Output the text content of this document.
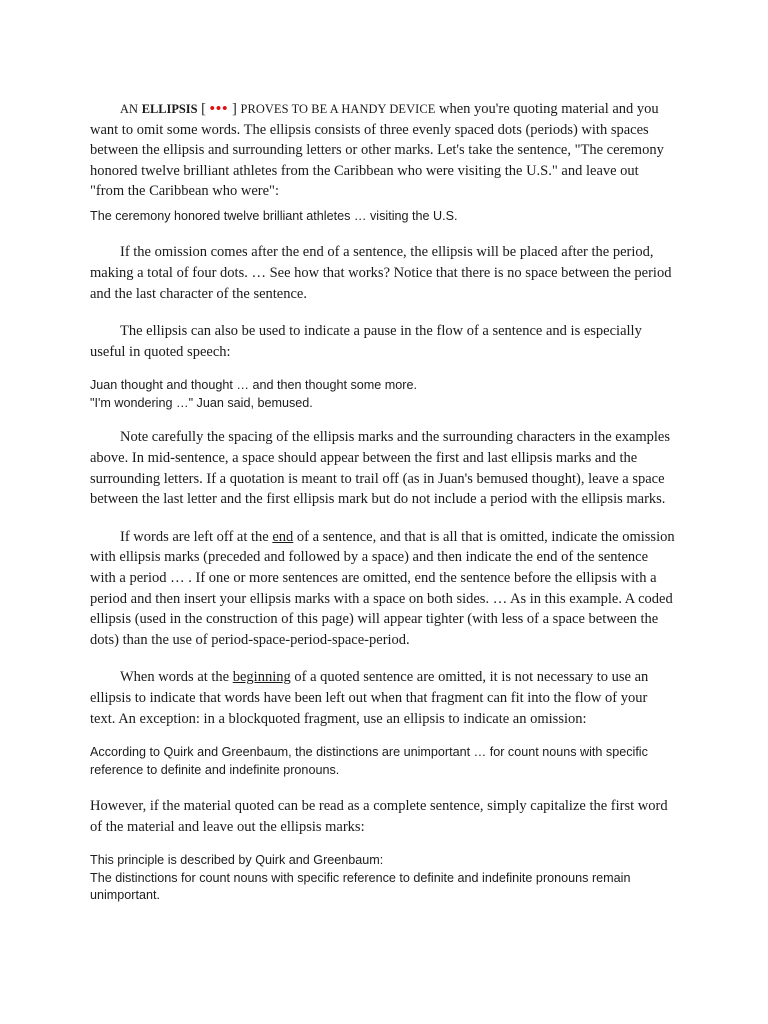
AN ELLIPSIS [ ••• ] PROVES TO BE A HANDY DEVICE when you're quoting material and you want to omit some words. The ellipsis consists of three evenly spaced dots (periods) with spaces between the ellipsis and surrounding letters or other marks. Let's take the sentence, "The ceremony honored twelve brilliant athletes from the Caribbean who were visiting the U.S." and leave out "from the Caribbean who were":

The ceremony honored twelve brilliant athletes … visiting the U.S.

If the omission comes after the end of a sentence, the ellipsis will be placed after the period, making a total of four dots. … See how that works? Notice that there is no space between the period and the last character of the sentence.

The ellipsis can also be used to indicate a pause in the flow of a sentence and is especially useful in quoted speech:

Juan thought and thought … and then thought some more.

"I'm wondering …" Juan said, bemused.

Note carefully the spacing of the ellipsis marks and the surrounding characters in the examples above. In mid-sentence, a space should appear between the first and last ellipsis marks and the surrounding letters. If a quotation is meant to trail off (as in Juan's bemused thought), leave a space between the last letter and the first ellipsis mark but do not include a period with the ellipsis marks.

If words are left off at the end of a sentence, and that is all that is omitted, indicate the omission with ellipsis marks (preceded and followed by a space) and then indicate the end of the sentence with a period … . If one or more sentences are omitted, end the sentence before the ellipsis with a period and then insert your ellipsis marks with a space on both sides. … As in this example. A coded ellipsis (used in the construction of this page) will appear tighter (with less of a space between the dots) than the use of period-space-period-space-period.

When words at the beginning of a quoted sentence are omitted, it is not necessary to use an ellipsis to indicate that words have been left out when that fragment can fit into the flow of your text. An exception: in a blockquoted fragment, use an ellipsis to indicate an omission:

According to Quirk and Greenbaum, the distinctions are unimportant … for count nouns with specific reference to definite and indefinite pronouns.

However, if the material quoted can be read as a complete sentence, simply capitalize the first word of the material and leave out the ellipsis marks:

This principle is described by Quirk and Greenbaum:

The distinctions for count nouns with specific reference to definite and indefinite pronouns remain unimportant.
